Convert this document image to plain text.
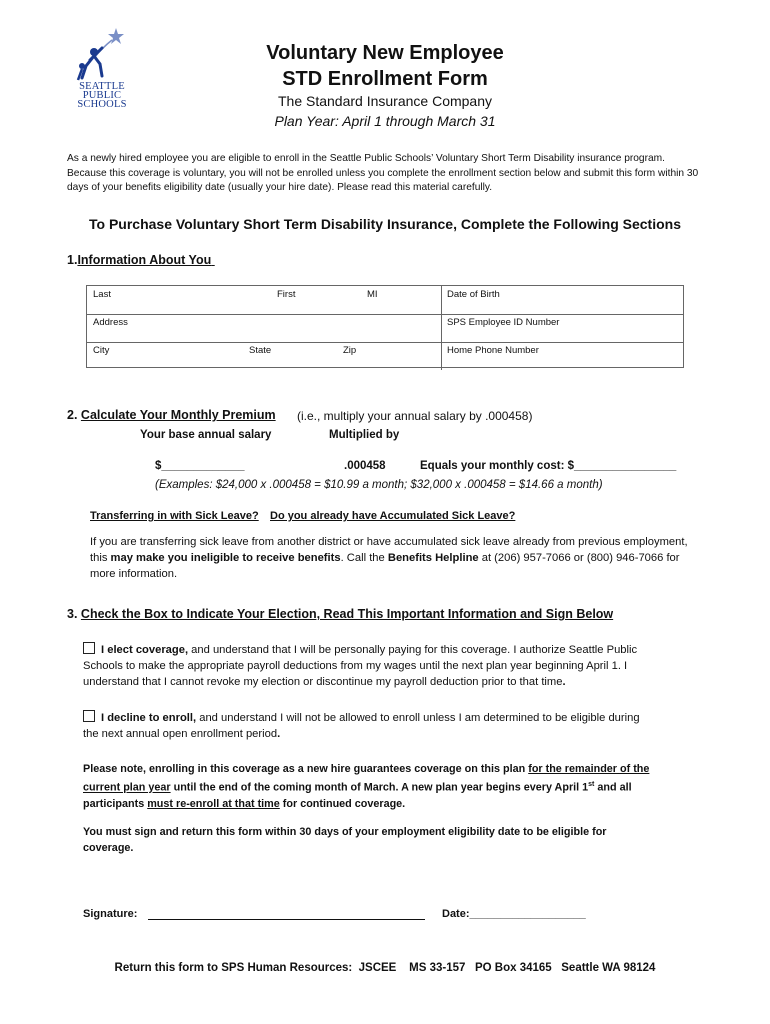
SEATTLE
PUBLIC
SCHOOLS
Voluntary New Employee
STD Enrollment Form
The Standard Insurance Company
Plan Year: April 1 through March 31
As a newly hired employee you are eligible to enroll in the Seattle Public Schools’ Voluntary Short Term Disability insurance program. Because this coverage is voluntary, you will not be enrolled unless you complete the enrollment section below and submit this form within 30 days of your benefits eligibility date (usually your hire date). Please read this material carefully.
To Purchase Voluntary Short Term Disability Insurance, Complete the Following Sections
1.Information About You
Last	First	MI	Date of Birth
Address	SPS Employee ID Number
City	State	Zip	Home Phone Number
2. Calculate Your Monthly Premium (i.e., multiply your annual salary by .000458)
Your base annual salary	Multiplied by
$_____________	.000458	Equals your monthly cost: $________________
(Examples: $24,000 x .000458 = $10.99 a month; $32,000 x .000458 = $14.66 a month)
Transferring in with Sick Leave? Do you already have Accumulated Sick Leave?
If you are transferring sick leave from another district or have accumulated sick leave already from previous employment, this may make you ineligible to receive benefits. Call the Benefits Helpline at (206) 957-7066 or (800) 946-7066 for more information.
3. Check the Box to Indicate Your Election, Read This Important Information and Sign Below
I elect coverage, and understand that I will be personally paying for this coverage. I authorize Seattle Public
Schools to make the appropriate payroll deductions from my wages until the next plan year beginning April 1. I
understand that I cannot revoke my election or discontinue my payroll deduction prior to that time.
I decline to enroll, and understand I will not be allowed to enroll unless I am determined to be eligible during
the next annual open enrollment period.
Please note, enrolling in this coverage as a new hire guarantees coverage on this plan for the remainder of the
current plan year until the end of the coming month of March. A new plan year begins every April 1st and all
participants must re-enroll at that time for continued coverage.
You must sign and return this form within 30 days of your employment eligibility date to be eligible for coverage.
Signature:	Date:___________________
Return this form to SPS Human Resources:  JSCEE    MS 33-157   PO Box 34165   Seattle WA 98124
